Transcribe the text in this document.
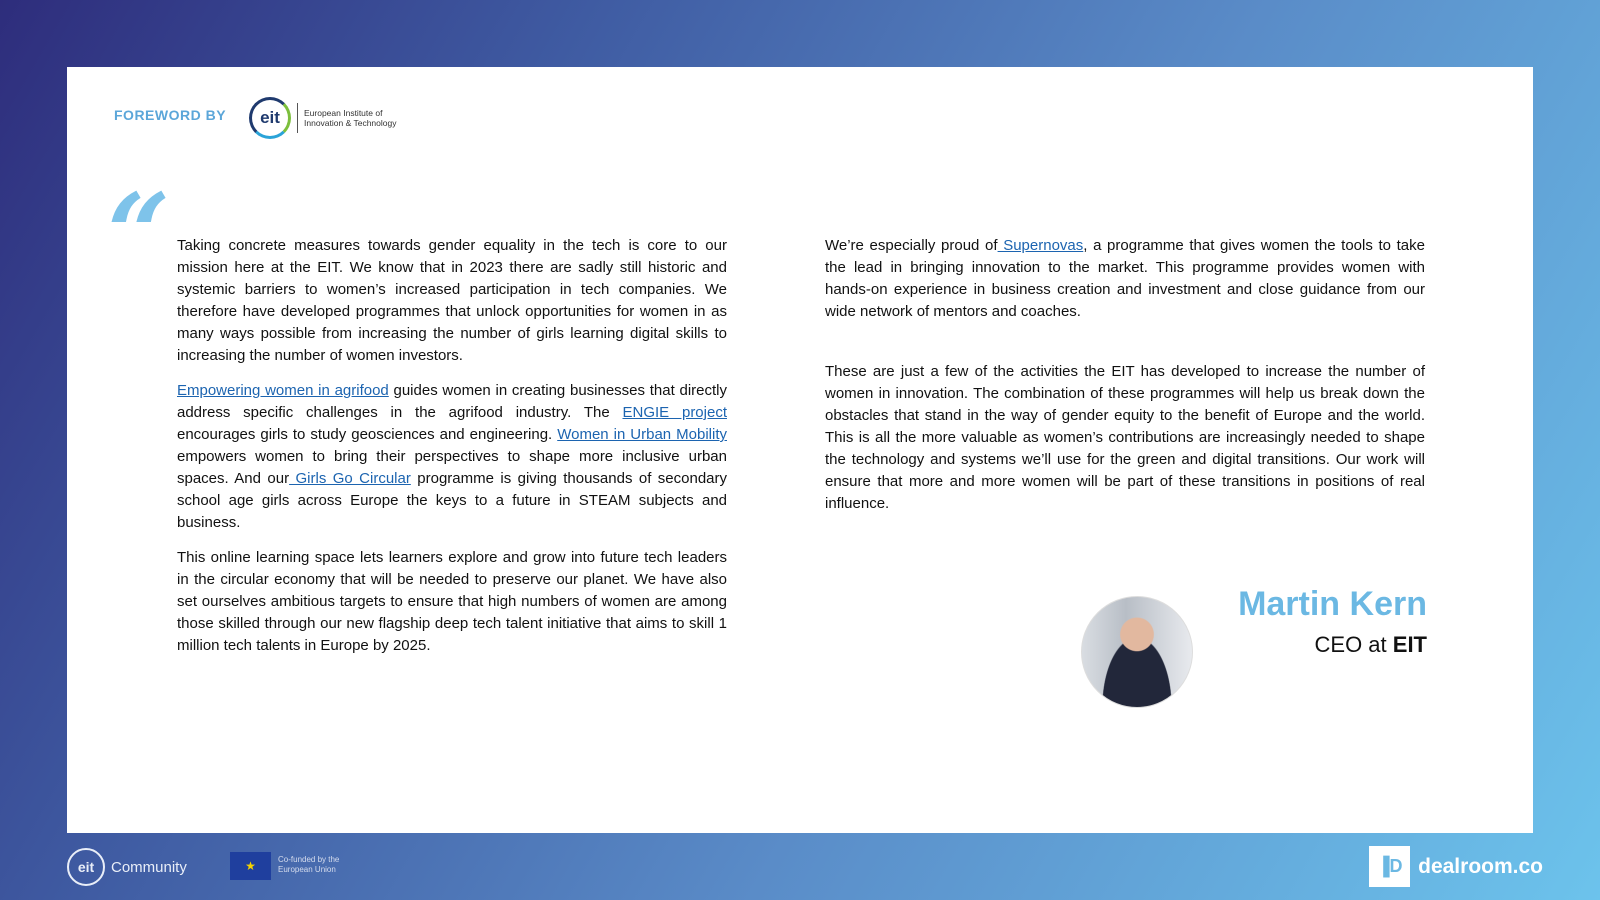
FOREWORD BY	eit	European Institute of
Innovation & Technology
“ Taking concrete measures towards gender equality in the tech is core to our mission here at the EIT. We know that in 2023 there are sadly still historic and systemic barriers to women’s increased participation in tech companies. We therefore have developed programmes that unlock opportunities for women in as many ways possible from increasing the number of girls learning digital skills to increasing the number of women investors.

Empowering women in agrifood guides women in creating businesses that directly address specific challenges in the agrifood industry. The ENGIE project encourages girls to study geosciences and engineering. Women in Urban Mobility empowers women to bring their perspectives to shape more inclusive urban spaces. And our Girls Go Circular programme is giving thousands of secondary school age girls across Europe the keys to a future in STEAM subjects and business.

This online learning space lets learners explore and grow into future tech leaders in the circular economy that will be needed to preserve our planet. We have also set ourselves ambitious targets to ensure that high numbers of women are among those skilled through our new flagship deep tech talent initiative that aims to skill 1 million tech talents in Europe by 2025.

We’re especially proud of Supernovas, a programme that gives women the tools to take the lead in bringing innovation to the market. This programme provides women with hands-on experience in business creation and investment and close guidance from our wide network of mentors and coaches.

These are just a few of the activities the EIT has developed to increase the number of women in innovation. The combination of these programmes will help us break down the obstacles that stand in the way of gender equity to the benefit of Europe and the world. This is all the more valuable as women’s contributions are increasingly needed to shape the technology and systems we’ll use for the green and digital transitions. Our work will ensure that more and more women will be part of these transitions in positions of real influence.

Martin Kern
CEO at EIT
eit	Community	★	Co-funded by the
European Union	▐D dealroom.co
